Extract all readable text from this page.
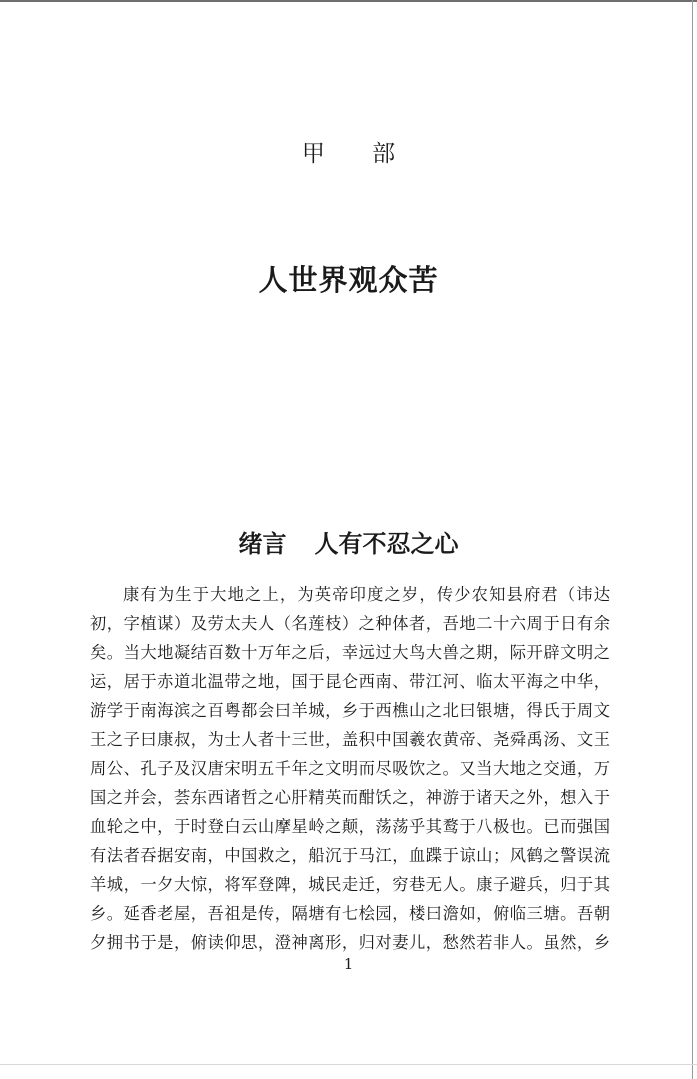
甲 部
人世界观众苦
绪言 人有不忍之心
康有为生于大地之上，为英帝印度之岁，传少农知县府君（讳达
初，字植谋）及劳太夫人（名莲枝）之种体者，吾地二十六周于日有余
矣。当大地凝结百数十万年之后，幸远过大鸟大兽之期，际开辟文明之
运，居于赤道北温带之地，国于昆仑西南、带江河、临太平海之中华，
游学于南海滨之百粤都会曰羊城，乡于西樵山之北曰银塘，得氏于周文
王之子曰康叔，为士人者十三世，盖积中国羲农黄帝、尧舜禹汤、文王
周公、孔子及汉唐宋明五千年之文明而尽吸饮之。又当大地之交通，万
国之并会，荟东西诸哲之心肝精英而酣饫之，神游于诸天之外，想入于
血轮之中，于时登白云山摩星岭之颠，荡荡乎其鹜于八极也。已而强国
有法者吞据安南，中国救之，船沉于马江，血蹀于谅山；风鹤之警误流
羊城，一夕大惊，将军登陴，城民走迁，穷巷无人。康子避兵，归于其
乡。延香老屋，吾祖是传，隔塘有七桧园，楼曰澹如，俯临三塘。吾朝
夕拥书于是，俯读仰思，澄神离形，归对妻儿，愁然若非人。虽然，乡
1
